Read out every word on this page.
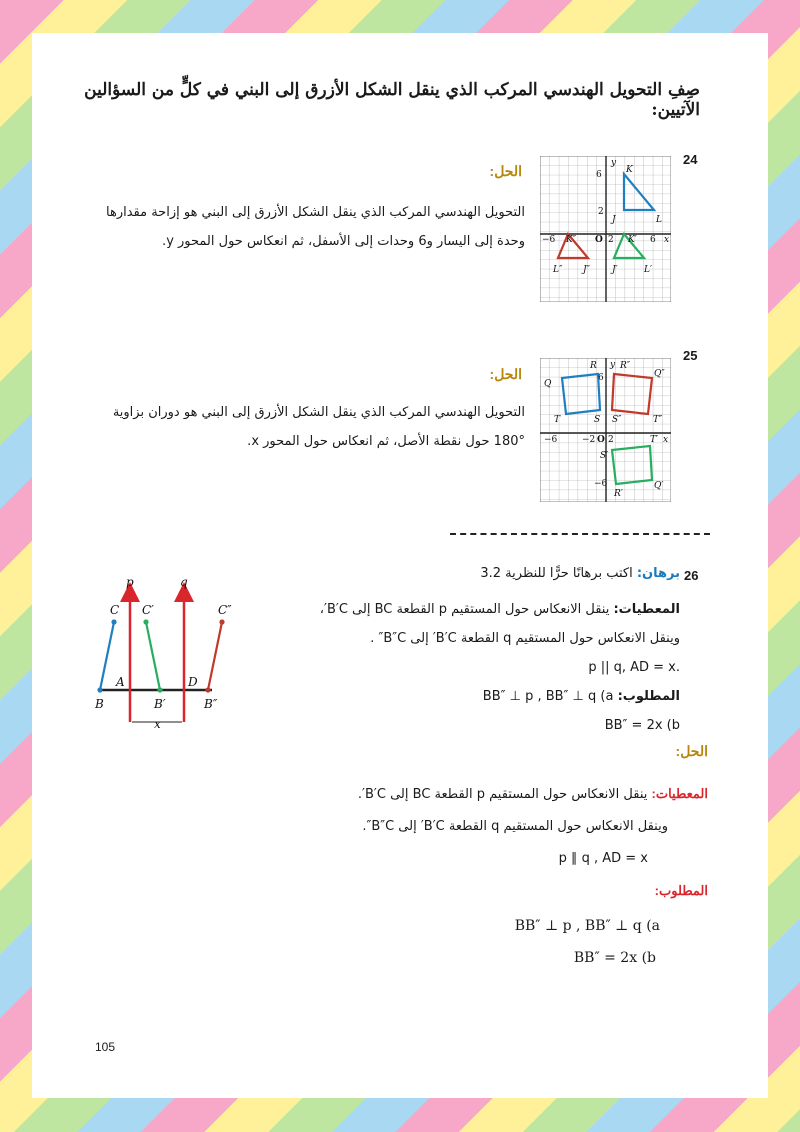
صِفِ التحويل الهندسي المركب الذي ينقل الشكل الأزرق إلى البني في كلٍّ من السؤالين الآتيين:
24
الحل:
التحويل الهندسي المركب الذي ينقل الشكل الأزرق إلى البني هو إزاحة مقدارها وحدة إلى اليسار و6 وحدات إلى الأسفل، ثم انعكاس حول المحور y.
y
6	K
2
J	L
−6 K″ O 2 K′ 6 x
L″ J″ J′	L′
25
الحل:
التحويل الهندسي المركب الذي ينقل الشكل الأزرق إلى البني هو دوران بزاوية °180 حول نقطة الأصل، ثم انعكاس حول المحور x.
R y R″
Q″
6
Q
T	S S″	T″
−6	−2 O 2	T′ x
S′
−6
R′
Q′
26
برهان: اكتب برهانًا حرًّا للنظرية 3.2
المعطيات: ينقل الانعكاس حول المستقيم p القطعة BC إلى B′C′،
وينقل الانعكاس حول المستقيم q القطعة B′C′ إلى B″C″ .
.p || q, AD = x
المطلوب: BB″ ⊥ p , BB″ ⊥ q (a
BB″ = 2x (b
p	q
C C′	C″
A	D
B	B′	B″
x
الحل:
المعطيات: ينقل الانعكاس حول المستقيم p القطعة BC إلى B′C′.
وينقل الانعكاس حول المستقيم q القطعة B′C′ إلى B″C″.
p ∥ q , AD = x
المطلوب:
BB″ ⊥ p , BB″ ⊥ q (a
BB″ = 2x (b
105
